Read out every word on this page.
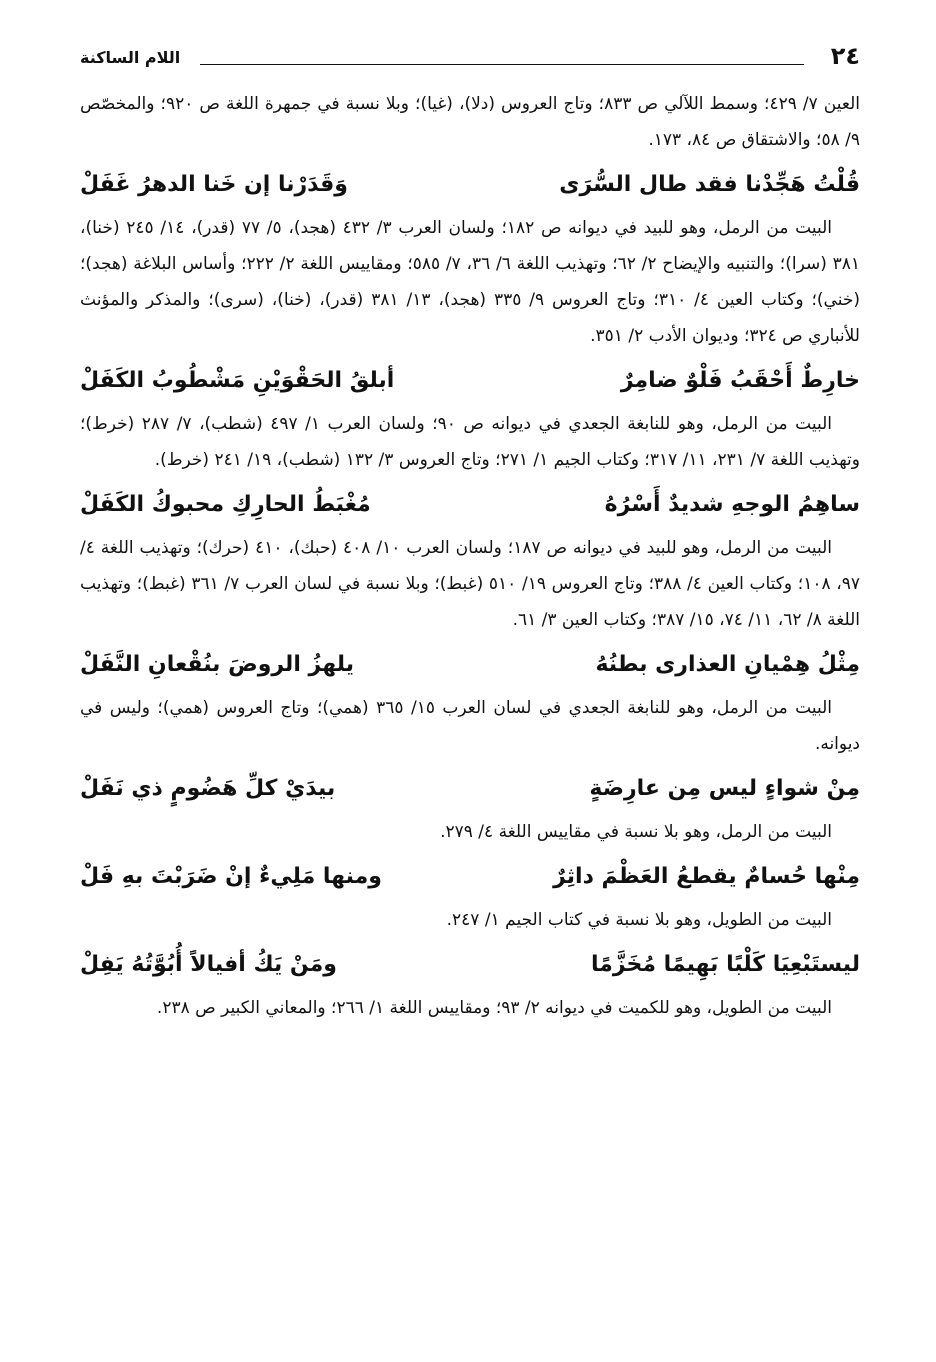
٢٤
اللام الساكنة

العين ٧/ ٤٢٩؛ وسمط اللآلي ص ٨٣٣؛ وتاج العروس (دلا)، (غيا)؛ وبلا نسبة في جمهرة اللغة ص ٩٢٠؛ والمخصّص ٩/ ٥٨؛ والاشتقاق ص ٨٤، ١٧٣.

قُلْتُ هَجِّدْنا فقد طال السُّرَى
وَقَدَرْنا إن خَنا الدهرُ غَفَلْ

البيت من الرمل، وهو للبيد في ديوانه ص ١٨٢؛ ولسان العرب ٣/ ٤٣٢ (هجد)، ٥/ ٧٧ (قدر)، ١٤/ ٢٤٥ (خنا)، ٣٨١ (سرا)؛ والتنبيه والإيضاح ٢/ ٦٢؛ وتهذيب اللغة ٦/ ٣٦، ٧/ ٥٨٥؛ ومقاييس اللغة ٢/ ٢٢٢؛ وأساس البلاغة (هجد)؛ (خني)؛ وكتاب العين ٤/ ٣١٠؛ وتاج العروس ٩/ ٣٣٥ (هجد)، ١٣/ ٣٨١ (قدر)، (خنا)، (سرى)؛ والمذكر والمؤنث للأنباري ص ٣٢٤؛ وديوان الأدب ٢/ ٣٥١.

خارِطٌ أَحْقَبُ فَلْوٌ ضامِرٌ
أبلقُ الحَقْوَيْنِ مَشْطُوبُ الكَفَلْ

البيت من الرمل، وهو للنابغة الجعدي في ديوانه ص ٩٠؛ ولسان العرب ١/ ٤٩٧ (شطب)، ٧/ ٢٨٧ (خرط)؛ وتهذيب اللغة ٧/ ٢٣١، ١١/ ٣١٧؛ وكتاب الجيم ١/ ٢٧١؛ وتاج العروس ٣/ ١٣٢ (شطب)، ١٩/ ٢٤١ (خرط).

ساهِمُ الوجهِ شديدٌ أَسْرُهُ
مُغْبَطُ الحارِكِ محبوكُ الكَفَلْ

البيت من الرمل، وهو للبيد في ديوانه ص ١٨٧؛ ولسان العرب ١٠/ ٤٠٨ (حبك)، ٤١٠ (حرك)؛ وتهذيب اللغة ٤/ ٩٧، ١٠٨؛ وكتاب العين ٤/ ٣٨٨؛ وتاج العروس ١٩/ ٥١٠ (غبط)؛ وبلا نسبة في لسان العرب ٧/ ٣٦١ (غبط)؛ وتهذيب اللغة ٨/ ٦٢، ١١/ ٧٤، ١٥/ ٣٨٧؛ وكتاب العين ٣/ ٦١.

مِثْلُ هِمْيانِ العذارى بطنُهُ
يلهزُ الروضَ بنُقْعانِ النَّفَلْ

البيت من الرمل، وهو للنابغة الجعدي في لسان العرب ١٥/ ٣٦٥ (همي)؛ وتاج العروس (همي)؛ وليس في ديوانه.

مِنْ شواءٍ ليس مِن عارِضَةٍ
بيدَيْ كلِّ هَضُومٍ ذي نَفَلْ

البيت من الرمل، وهو بلا نسبة في مقاييس اللغة ٤/ ٢٧٩.

مِنْها حُسامٌ يقطعُ العَظْمَ داثِرٌ
ومنها مَلِيءٌ إنْ ضَرَبْتَ بهِ فَلْ

البيت من الطويل، وهو بلا نسبة في كتاب الجيم ١/ ٢٤٧.

ليستَبْعِيَا كَلْبًا بَهِيمًا مُخَزَّمًا
ومَنْ يَكُ أفيالاً أُبُوَّتُهُ يَفِلْ

البيت من الطويل، وهو للكميت في ديوانه ٢/ ٩٣؛ ومقاييس اللغة ١/ ٢٦٦؛ والمعاني الكبير ص ٢٣٨.
